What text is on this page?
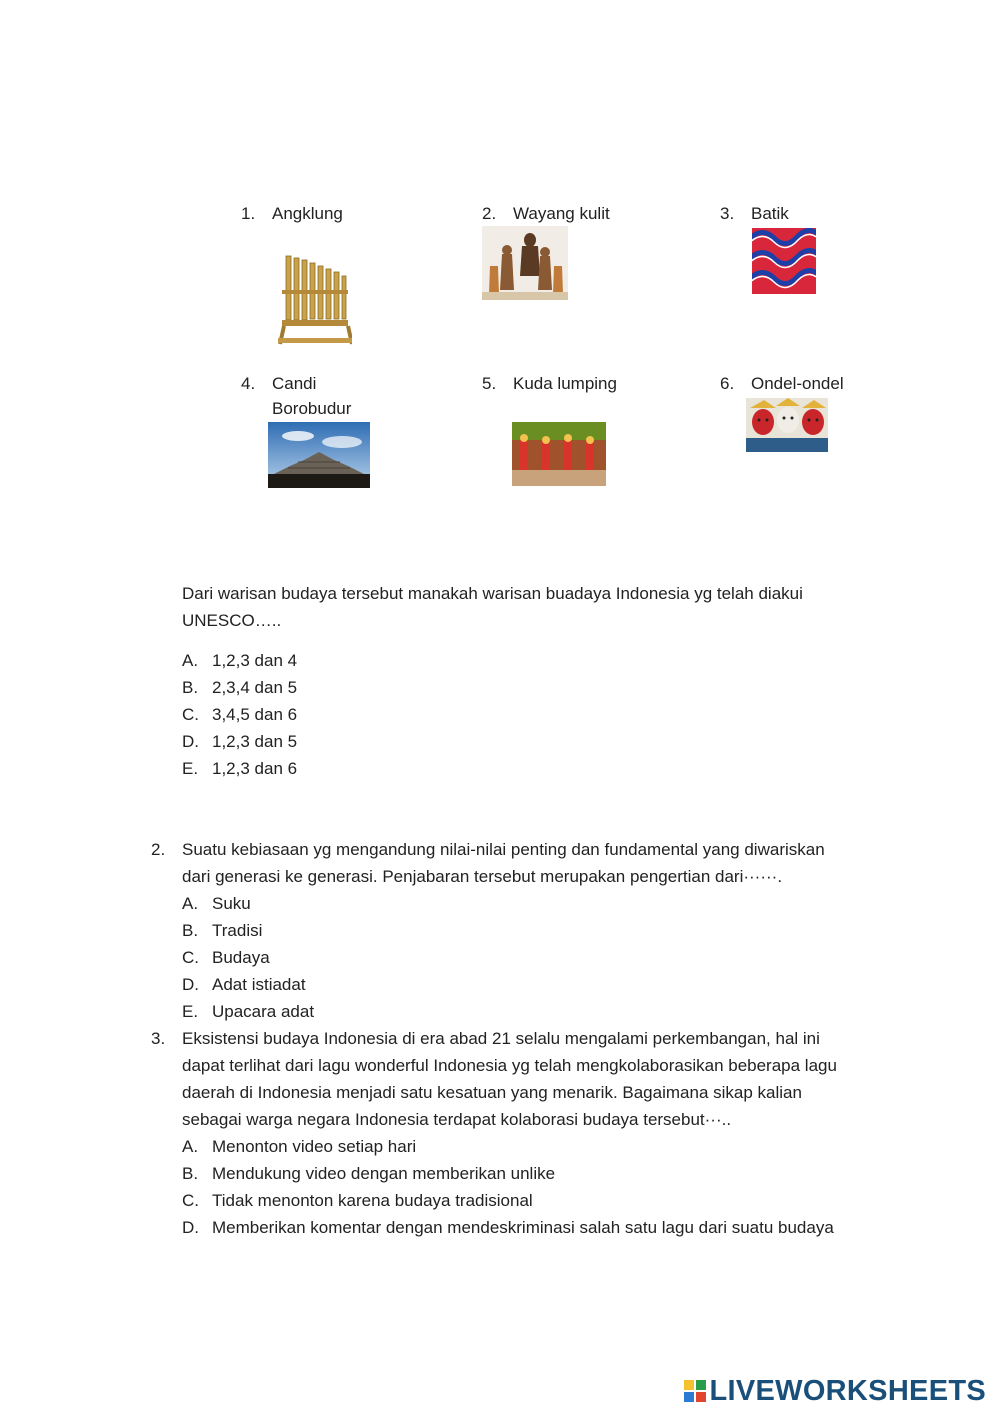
1. Angklung	2. Wayang kulit	3. Batik
4. Candi
Borobudur
5. Kuda lumping	6. Ondel-ondel
Dari warisan budaya tersebut manakah warisan buadaya Indonesia yg telah diakui
UNESCO…..
A. 1,2,3 dan 4
B. 2,3,4 dan 5
C. 3,4,5 dan 6
D. 1,2,3 dan 5
E. 1,2,3 dan 6
2. Suatu kebiasaan yg mengandung nilai-nilai penting dan fundamental yang diwariskan
dari generasi ke generasi. Penjabaran tersebut merupakan pengertian dari······.
A. Suku
B. Tradisi
C. Budaya
D. Adat istiadat
E. Upacara adat
3. Eksistensi budaya Indonesia di era abad 21 selalu mengalami perkembangan, hal ini
dapat terlihat dari lagu wonderful Indonesia yg telah mengkolaborasikan beberapa lagu
daerah di Indonesia menjadi satu kesatuan yang menarik. Bagaimana sikap kalian
sebagai warga negara Indonesia terdapat kolaborasi budaya tersebut···..
A. Menonton video setiap hari
B. Mendukung video dengan memberikan unlike
C. Tidak menonton karena budaya tradisional
D. Memberikan komentar dengan mendeskriminasi salah satu lagu dari suatu budaya
LIVEWORKSHEETS
